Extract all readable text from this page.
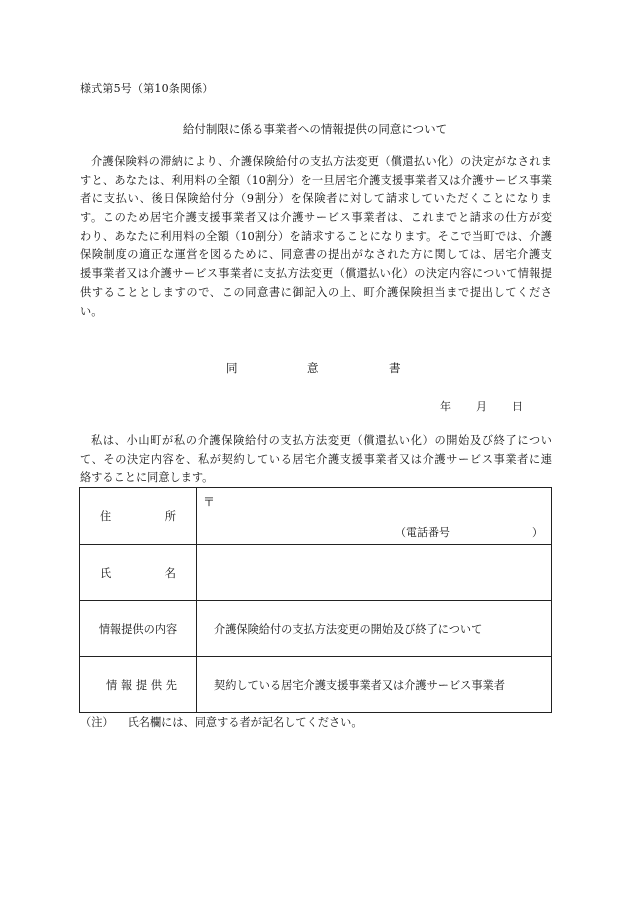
様式第5号（第10条関係）
給付制限に係る事業者への情報提供の同意について
介護保険料の滞納により、介護保険給付の支払方法変更（償還払い化）の決定がなされま
すと、あなたは、利用料の全額（10割分）を一旦居宅介護支援事業者又は介護サービス事業
者に支払い、後日保険給付分（9割分）を保険者に対して請求していただくことになりま
す。このため居宅介護支援事業者又は介護サービス事業者は、これまでと請求の仕方が変
わり、あなたに利用料の全額（10割分）を請求することになります。そこで当町では、介護
保険制度の適正な運営を図るために、同意書の提出がなされた方に関しては、居宅介護支
援事業者又は介護サービス事業者に支払方法変更（償還払い化）の決定内容について情報提
供することとしますので、この同意書に御記入の上、町介護保険担当まで提出してくださ
い。
同	意	書
年 月 日
私は、小山町が私の介護保険給付の支払方法変更（償還払い化）の開始及び終了につい
て、その決定内容を、私が契約している居宅介護支援事業者又は介護サービス事業者に連
絡することに同意します。
住 所	〒
（電話番号 ）

氏 名	

情報提供の内容	介護保険給付の支払方法変更の開始及び終了について

情 報 提 供 先	契約している居宅介護支援事業者又は介護サービス事業者
（注） 氏名欄には、同意する者が記名してください。
